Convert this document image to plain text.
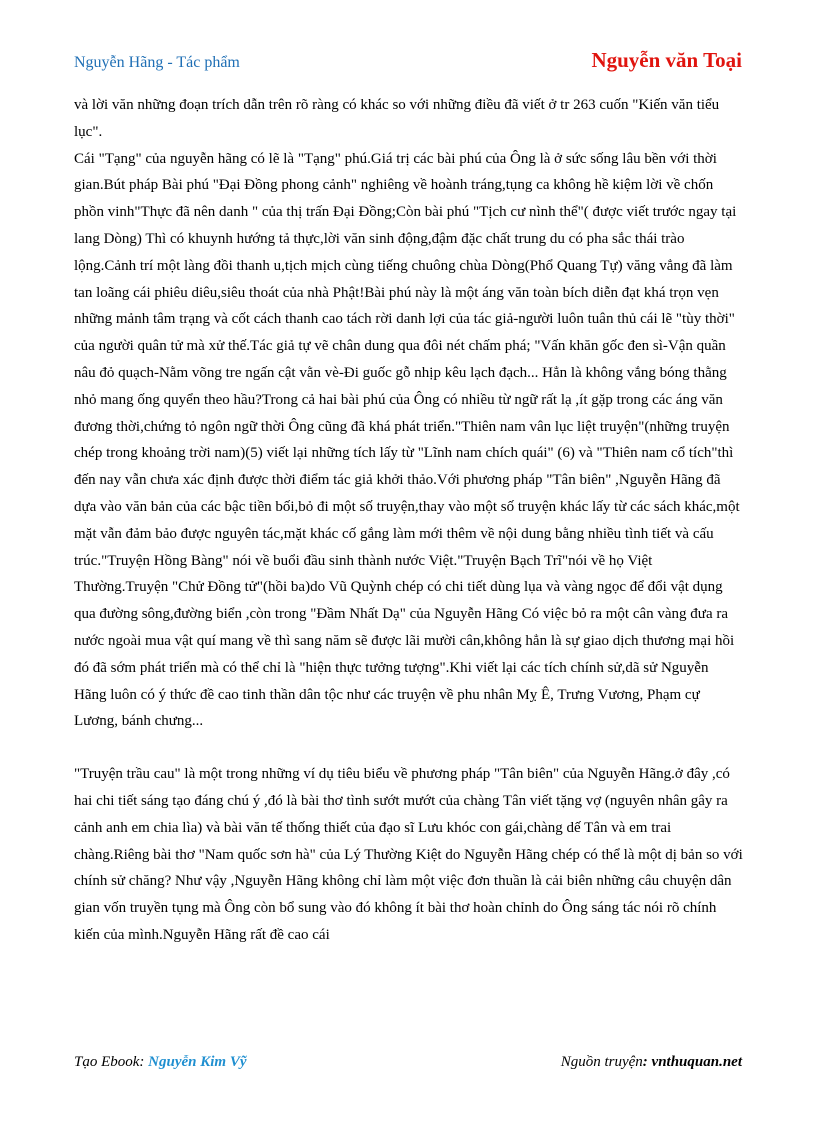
Nguyễn Hãng - Tác phẩm	Nguyễn văn Toại

và lời văn những đoạn trích dẫn trên rõ ràng có khác so với những điều đã viết ở tr 263 cuốn "Kiến văn tiểu lục".

Cái "Tạng" của nguyễn hãng có lẽ là "Tạng" phú.Giá trị các bài phú của Ông là ở sức sống lâu bền với thời gian.Bút pháp Bài phú "Đại Đồng phong cảnh" nghiêng về hoành tráng,tụng ca không hề kiệm lời về chốn phồn vinh"Thực đã nên danh " của thị trấn Đại Đồng;Còn bài phú "Tịch cư nình thể"( được viết trước ngay tại lang Dòng) Thì có khuynh hướng tả thực,lời văn sinh động,đậm đặc chất trung du có pha sắc thái trào lộng.Cảnh trí một làng đồi thanh u,tịch mịch cùng tiếng chuông chùa Dòng(Phổ Quang Tự) văng vẳng đã làm tan loãng cái phiêu diêu,siêu thoát của nhà Phật!Bài phú này là một áng văn toàn bích diễn đạt khá trọn vẹn những mảnh tâm trạng và cốt cách thanh cao tách rời danh lợi của tác giả-người luôn tuân thủ cái lẽ "tùy thời" của người quân tử mà xử thế.Tác giả tự vẽ chân dung qua đôi nét chấm phá; "Vấn khăn gốc đen sì-Vận quần nâu đỏ quạch-Nằm võng tre ngấn cật vằn vè-Đi guốc gỗ nhịp kêu lạch đạch... Hẳn là không vắng bóng thằng nhỏ mang ống quyển theo hầu?Trong cả hai bài phú của Ông có nhiều từ ngữ rất lạ ,ít gặp trong các áng văn đương thời,chứng tỏ ngôn ngữ thời Ông cũng đã khá phát triển."Thiên nam vân lục liệt truyện"(những truyện chép trong khoảng trời nam)(5) viết lại những tích lấy từ "Lĩnh nam chích quái" (6) và "Thiên nam cổ tích"thì đến nay vẫn chưa xác định được thời điểm tác giả khởi thảo.Với phương pháp "Tân biên" ,Nguyễn Hãng đã dựa vào văn bản của các bậc tiền bối,bỏ đi một số truyện,thay vào một số truyện khác lấy từ các sách khác,một mặt vẫn đảm bảo được nguyên tác,mặt khác cố gắng làm mới thêm về nội dung bằng nhiều tình tiết và cấu trúc."Truyện Hồng Bàng" nói về buổi đầu sinh thành nước Việt."Truyện Bạch Trĩ"nói về họ Việt Thường.Truyện "Chử Đồng tử"(hồi ba)do Vũ Quỳnh chép có chi tiết dùng lụa và vàng ngọc để đổi vật dụng qua đường sông,đường biển ,còn trong "Đầm Nhất Dạ" của Nguyễn Hãng Có việc bỏ ra một cân vàng đưa ra nước ngoài mua vật quí mang về thì sang năm sẽ được lãi mười cân,không hẳn là sự giao dịch thương mại hồi đó đã sớm phát triển mà có thể chỉ là "hiện thực tưởng tượng".Khi viết lại các tích chính sử,dã sử Nguyễn Hãng luôn có ý thức đề cao tinh thần dân tộc như các truyện về phu nhân Mỵ Ê, Trưng Vương, Phạm cự Lương, bánh chưng...

"Truyện trầu cau" là một trong những ví dụ tiêu biểu về phương pháp "Tân biên" của Nguyễn Hãng.ở đây ,có hai chi tiết sáng tạo đáng chú ý ,đó là bài thơ tình sướt mướt của chàng Tân viết tặng vợ (nguyên nhân gây ra cảnh anh em chia lìa) và bài văn tế thống thiết của đạo sĩ Lưu khóc con gái,chàng dế Tân và em trai chàng.Riêng bài thơ "Nam quốc sơn hà" của Lý Thường Kiệt do Nguyễn Hãng chép có thể là một dị bản so với chính sử chăng? Như vậy ,Nguyễn Hãng không chỉ làm một việc đơn thuần là cải biên những câu chuyện dân gian vốn truyền tụng mà Ông còn bổ sung vào đó không ít bài thơ hoàn chỉnh do Ông sáng tác nói rõ chính kiến của mình.Nguyễn Hãng rất đề cao cái

Tạo Ebook: Nguyễn Kim Vỹ	Nguồn truyện: vnthuquan.net
